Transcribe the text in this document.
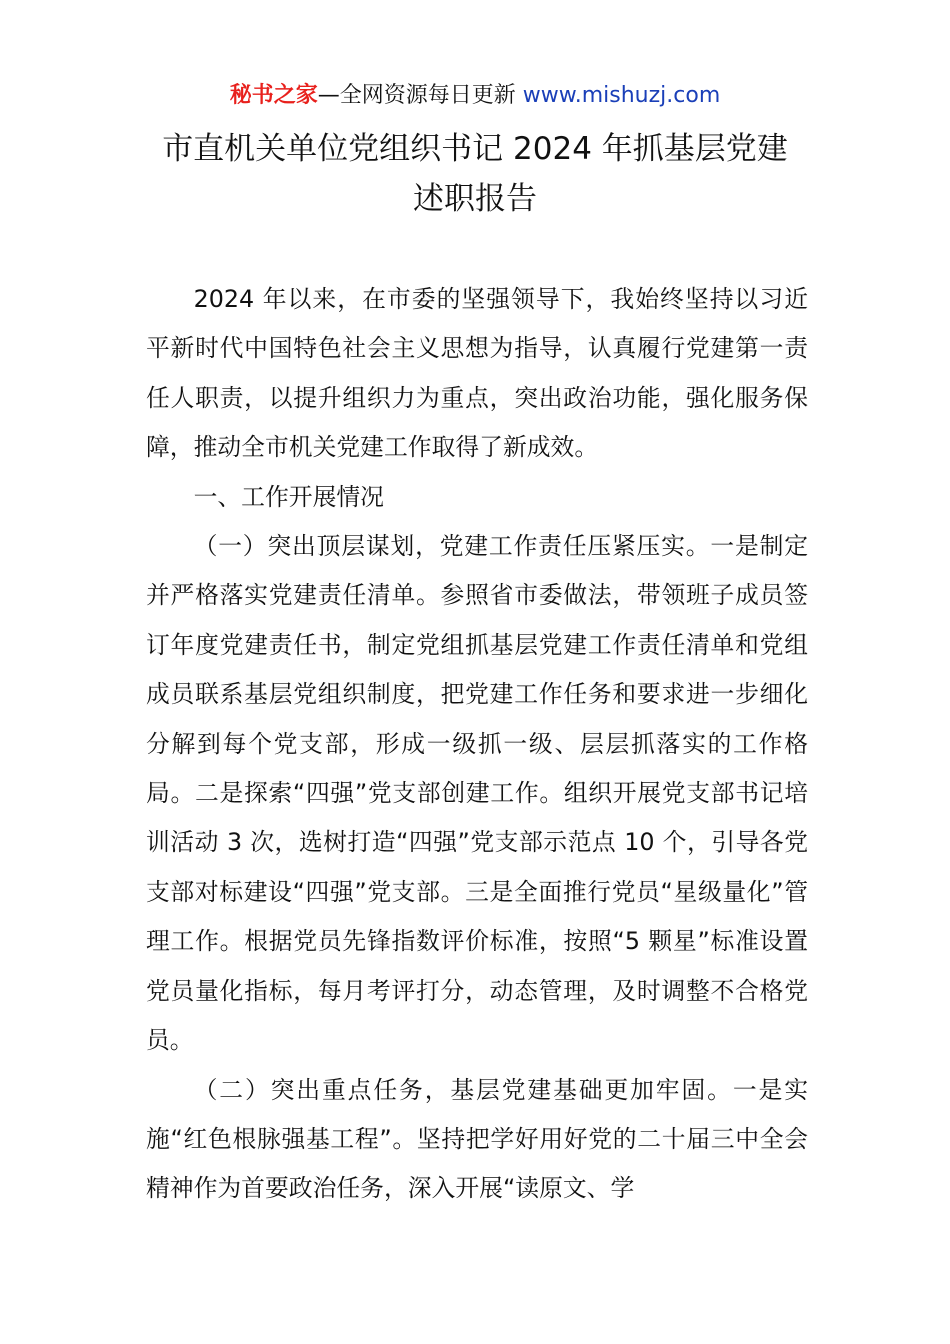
秘书之家—全网资源每日更新 www.mishuzj.com
市直机关单位党组织书记 2024 年抓基层党建
述职报告

2024 年以来，在市委的坚强领导下，我始终坚持以习近平新时代中国特色社会主义思想为指导，认真履行党建第一责任人职责，以提升组织力为重点，突出政治功能，强化服务保障，推动全市机关党建工作取得了新成效。

一、工作开展情况

（一）突出顶层谋划，党建工作责任压紧压实。一是制定并严格落实党建责任清单。参照省市委做法，带领班子成员签订年度党建责任书，制定党组抓基层党建工作责任清单和党组成员联系基层党组织制度，把党建工作任务和要求进一步细化分解到每个党支部，形成一级抓一级、层层抓落实的工作格局。二是探索“四强”党支部创建工作。组织开展党支部书记培训活动 3 次，选树打造“四强”党支部示范点 10 个，引导各党支部对标建设“四强”党支部。三是全面推行党员“星级量化”管理工作。根据党员先锋指数评价标准，按照“5 颗星”标准设置党员量化指标，每月考评打分，动态管理，及时调整不合格党员。

（二）突出重点任务，基层党建基础更加牢固。一是实施“红色根脉强基工程”。坚持把学好用好党的二十届三中全会精神作为首要政治任务，深入开展“读原文、学
